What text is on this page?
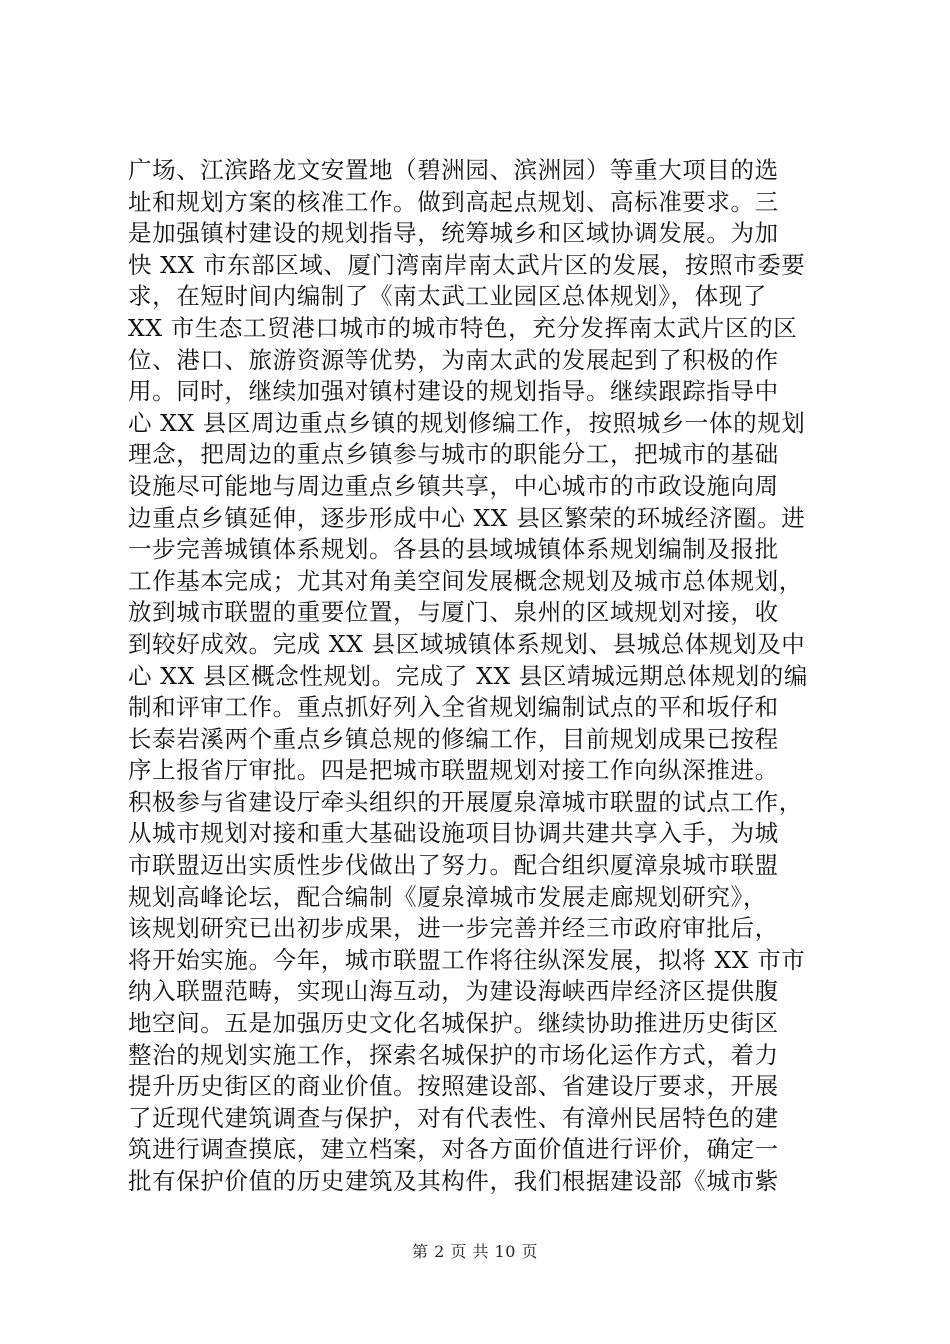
广场、江滨路龙文安置地（碧洲园、滨洲园）等重大项目的选
址和规划方案的核准工作。做到高起点规划、高标准要求。三
是加强镇村建设的规划指导，统筹城乡和区域协调发展。为加
快 XX 市东部区域、厦门湾南岸南太武片区的发展，按照市委要
求，在短时间内编制了《南太武工业园区总体规划》，体现了
XX 市生态工贸港口城市的城市特色，充分发挥南太武片区的区
位、港口、旅游资源等优势，为南太武的发展起到了积极的作
用。同时，继续加强对镇村建设的规划指导。继续跟踪指导中
心 XX 县区周边重点乡镇的规划修编工作，按照城乡一体的规划
理念，把周边的重点乡镇参与城市的职能分工，把城市的基础
设施尽可能地与周边重点乡镇共享，中心城市的市政设施向周
边重点乡镇延伸，逐步形成中心 XX 县区繁荣的环城经济圈。进
一步完善城镇体系规划。各县的县域城镇体系规划编制及报批
工作基本完成；尤其对角美空间发展概念规划及城市总体规划，
放到城市联盟的重要位置，与厦门、泉州的区域规划对接，收
到较好成效。完成 XX 县区域城镇体系规划、县城总体规划及中
心 XX 县区概念性规划。完成了 XX 县区靖城远期总体规划的编
制和评审工作。重点抓好列入全省规划编制试点的平和坂仔和
长泰岩溪两个重点乡镇总规的修编工作，目前规划成果已按程
序上报省厅审批。四是把城市联盟规划对接工作向纵深推进。
积极参与省建设厅牵头组织的开展厦泉漳城市联盟的试点工作，
从城市规划对接和重大基础设施项目协调共建共享入手，为城
市联盟迈出实质性步伐做出了努力。配合组织厦漳泉城市联盟
规划高峰论坛，配合编制《厦泉漳城市发展走廊规划研究》，
该规划研究已出初步成果，进一步完善并经三市政府审批后，
将开始实施。今年，城市联盟工作将往纵深发展，拟将 XX 市市
纳入联盟范畴，实现山海互动，为建设海峡西岸经济区提供腹
地空间。五是加强历史文化名城保护。继续协助推进历史街区
整治的规划实施工作，探索名城保护的市场化运作方式，着力
提升历史街区的商业价值。按照建设部、省建设厅要求，开展
了近现代建筑调查与保护，对有代表性、有漳州民居特色的建
筑进行调查摸底，建立档案，对各方面价值进行评价，确定一
批有保护价值的历史建筑及其构件，我们根据建设部《城市紫
第 2 页 共 10 页
